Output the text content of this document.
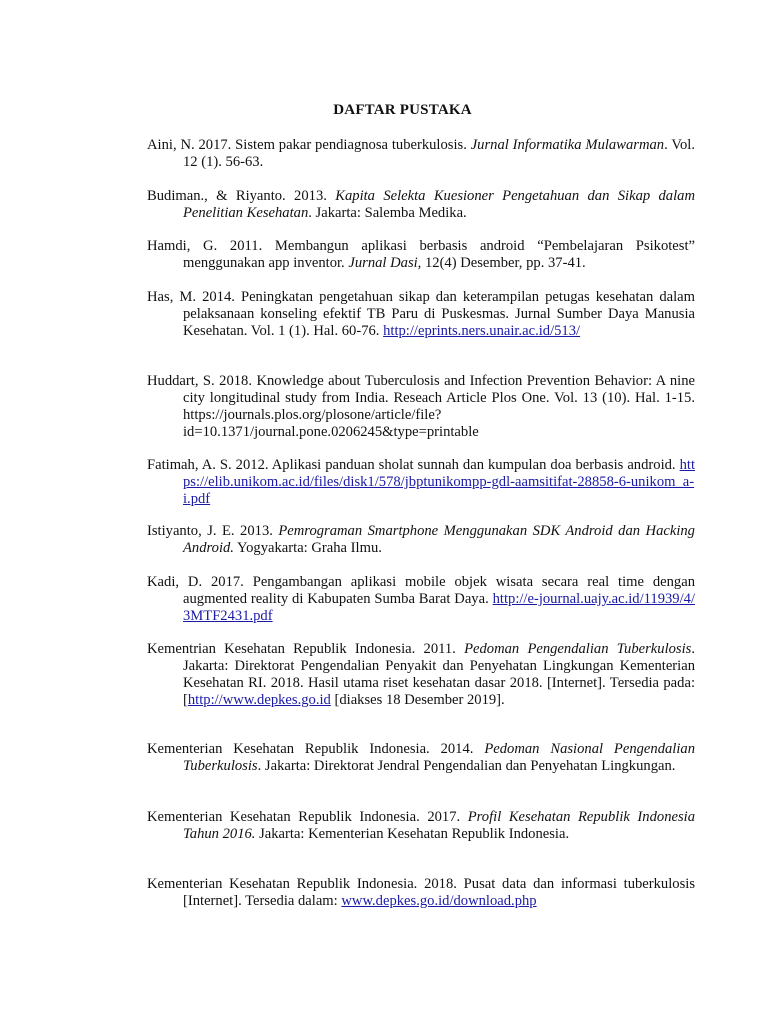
DAFTAR PUSTAKA

Aini, N. 2017. Sistem pakar pendiagnosa tuberkulosis. Jurnal Informatika Mulawarman. Vol. 12 (1). 56-63.

Budiman., & Riyanto. 2013. Kapita Selekta Kuesioner Pengetahuan dan Sikap dalam Penelitian Kesehatan. Jakarta: Salemba Medika.

Hamdi, G. 2011. Membangun aplikasi berbasis android “Pembelajaran Psikotest” menggunakan app inventor. Jurnal Dasi, 12(4) Desember, pp. 37-41.

Has, M. 2014. Peningkatan pengetahuan sikap dan keterampilan petugas kesehatan dalam pelaksanaan konseling efektif TB Paru di Puskesmas. Jurnal Sumber Daya Manusia Kesehatan. Vol. 1 (1). Hal. 60-76. http://eprints.ners.unair.ac.id/513/

Huddart, S. 2018. Knowledge about Tuberculosis and Infection Prevention Behavior: A nine city longitudinal study from India. Reseach Article Plos One. Vol. 13 (10). Hal. 1-15. https://journals.plos.org/plosone/article/file?id=10.1371/journal.pone.0206245&type=printable

Fatimah, A. S. 2012. Aplikasi panduan sholat sunnah dan kumpulan doa berbasis android. https://elib.unikom.ac.id/files/disk1/578/jbptunikompp-gdl-aamsitifat-28858-6-unikom_a-i.pdf

Istiyanto, J. E. 2013. Pemrograman Smartphone Menggunakan SDK Android dan Hacking Android. Yogyakarta: Graha Ilmu.

Kadi, D. 2017. Pengambangan aplikasi mobile objek wisata secara real time dengan augmented reality di Kabupaten Sumba Barat Daya. http://e-journal.uajy.ac.id/11939/4/3MTF2431.pdf

Kementrian Kesehatan Republik Indonesia. 2011. Pedoman Pengendalian Tuberkulosis. Jakarta: Direktorat Pengendalian Penyakit dan Penyehatan Lingkungan Kementerian Kesehatan RI. 2018. Hasil utama riset kesehatan dasar 2018. [Internet]. Tersedia pada: [http://www.depkes.go.id [diakses 18 Desember 2019].

Kementerian Kesehatan Republik Indonesia. 2014. Pedoman Nasional Pengendalian Tuberkulosis. Jakarta: Direktorat Jendral Pengendalian dan Penyehatan Lingkungan.

Kementerian Kesehatan Republik Indonesia. 2017. Profil Kesehatan Republik Indonesia Tahun 2016. Jakarta: Kementerian Kesehatan Republik Indonesia.

Kementerian Kesehatan Republik Indonesia. 2018. Pusat data dan informasi tuberkulosis [Internet]. Tersedia dalam: www.depkes.go.id/download.php
